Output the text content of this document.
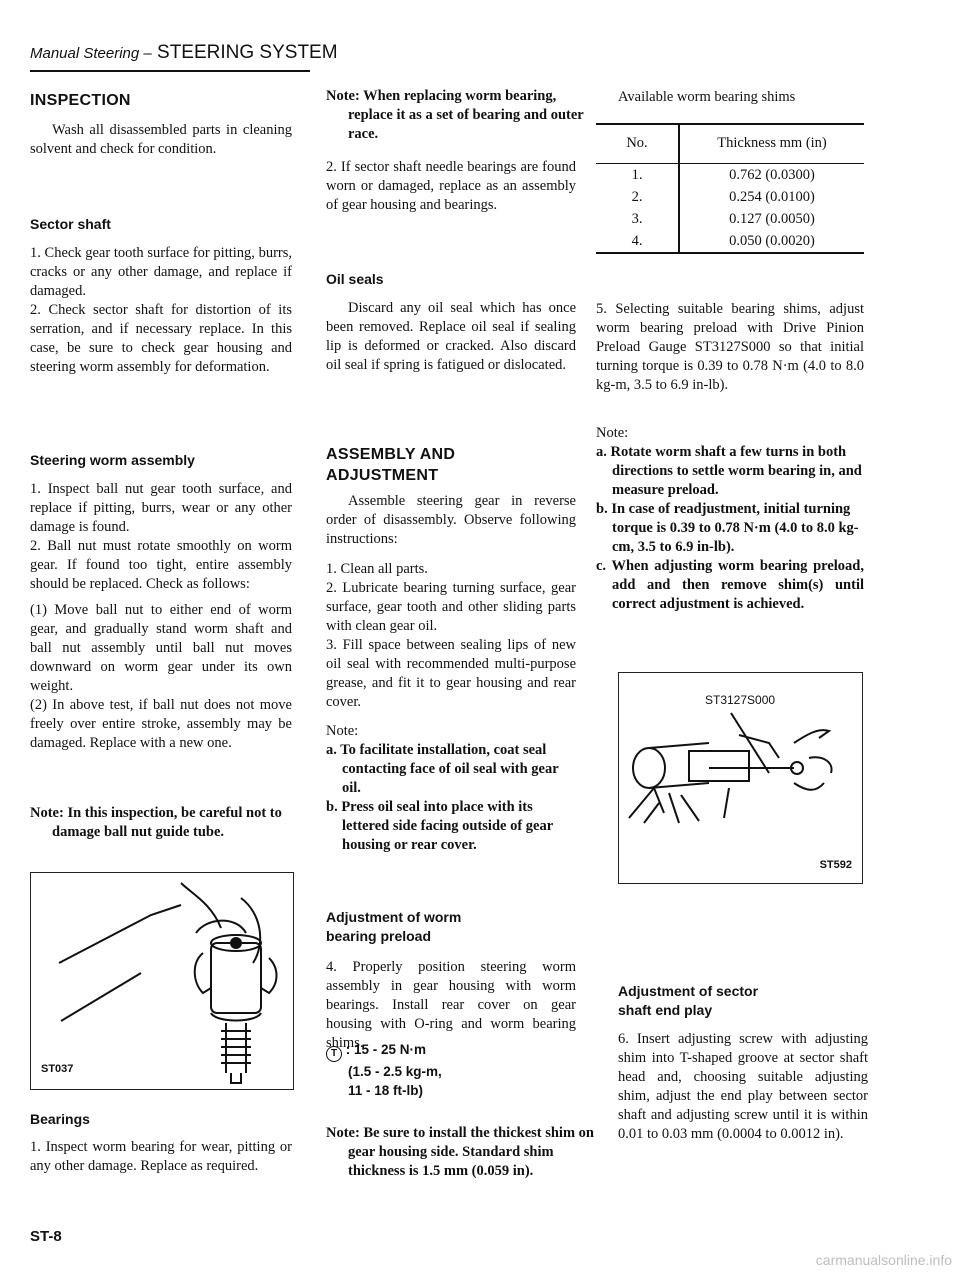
Manual Steering – STEERING SYSTEM
INSPECTION
Wash all disassembled parts in cleaning solvent and check for condition.
Sector shaft
1. Check gear tooth surface for pitting, burrs, cracks or any other damage, and replace if damaged.
2. Check sector shaft for distortion of its serration, and if necessary replace. In this case, be sure to check gear housing and steering worm assembly for deformation.
Steering worm assembly
1. Inspect ball nut gear tooth surface, and replace if pitting, burrs, wear or any other damage is found.
2. Ball nut must rotate smoothly on worm gear. If found too tight, entire assembly should be replaced. Check as follows:
(1) Move ball nut to either end of worm gear, and gradually stand worm shaft and ball nut assembly until ball nut moves downward on worm gear under its own weight.
(2) In above test, if ball nut does not move freely over entire stroke, assembly may be damaged. Replace with a new one.
Note: In this inspection, be careful not to damage ball nut guide tube.
ST037
Bearings
1. Inspect worm bearing for wear, pitting or any other damage. Replace as required.
Note: When replacing worm bearing, replace it as a set of bearing and outer race.
2. If sector shaft needle bearings are found worn or damaged, replace as an assembly of gear housing and bearings.
Oil seals
Discard any oil seal which has once been removed. Replace oil seal if sealing lip is deformed or cracked. Also discard oil seal if spring is fatigued or dislocated.
ASSEMBLY AND
ADJUSTMENT
Assemble steering gear in reverse order of disassembly. Observe following instructions:
1. Clean all parts.
2. Lubricate bearing turning surface, gear surface, gear tooth and other sliding parts with clean gear oil.
3. Fill space between sealing lips of new oil seal with recommended multi-purpose grease, and fit it to gear housing and rear cover.
Note:
a. To facilitate installation, coat seal contacting face of oil seal with gear oil.
b. Press oil seal into place with its lettered side facing outside of gear housing or rear cover.
Adjustment of worm
bearing preload
4. Properly position steering worm assembly in gear housing with worm bearings. Install rear cover on gear housing with O-ring and worm bearing shims.
T : 15 - 25 N·m
(1.5 - 2.5 kg-m,
11 - 18 ft-lb)
Note: Be sure to install the thickest shim on gear housing side. Standard shim thickness is 1.5 mm (0.059 in).
Available worm bearing shims
No.	Thickness mm (in)

1.	0.762 (0.0300)
2.	0.254 (0.0100)
3.	0.127 (0.0050)
4.	0.050 (0.0020)
5. Selecting suitable bearing shims, adjust worm bearing preload with Drive Pinion Preload Gauge ST3127S000 so that initial turning torque is 0.39 to 0.78 N·m (4.0 to 8.0 kg-m, 3.5 to 6.9 in-lb).
Note:
a. Rotate worm shaft a few turns in both directions to settle worm bearing in, and measure preload.
b. In case of readjustment, initial turning torque is 0.39 to 0.78 N·m (4.0 to 8.0 kg-cm, 3.5 to 6.9 in-lb).
c. When adjusting worm bearing preload, add and then remove shim(s) until correct adjustment is achieved.
ST3127S000
ST592
Adjustment of sector
shaft end play
6. Insert adjusting screw with adjusting shim into T-shaped groove at sector shaft head and, choosing suitable adjusting shim, adjust the end play between sector shaft and adjusting screw until it is within 0.01 to 0.03 mm (0.0004 to 0.0012 in).
ST-8
carmanualsonline.info
